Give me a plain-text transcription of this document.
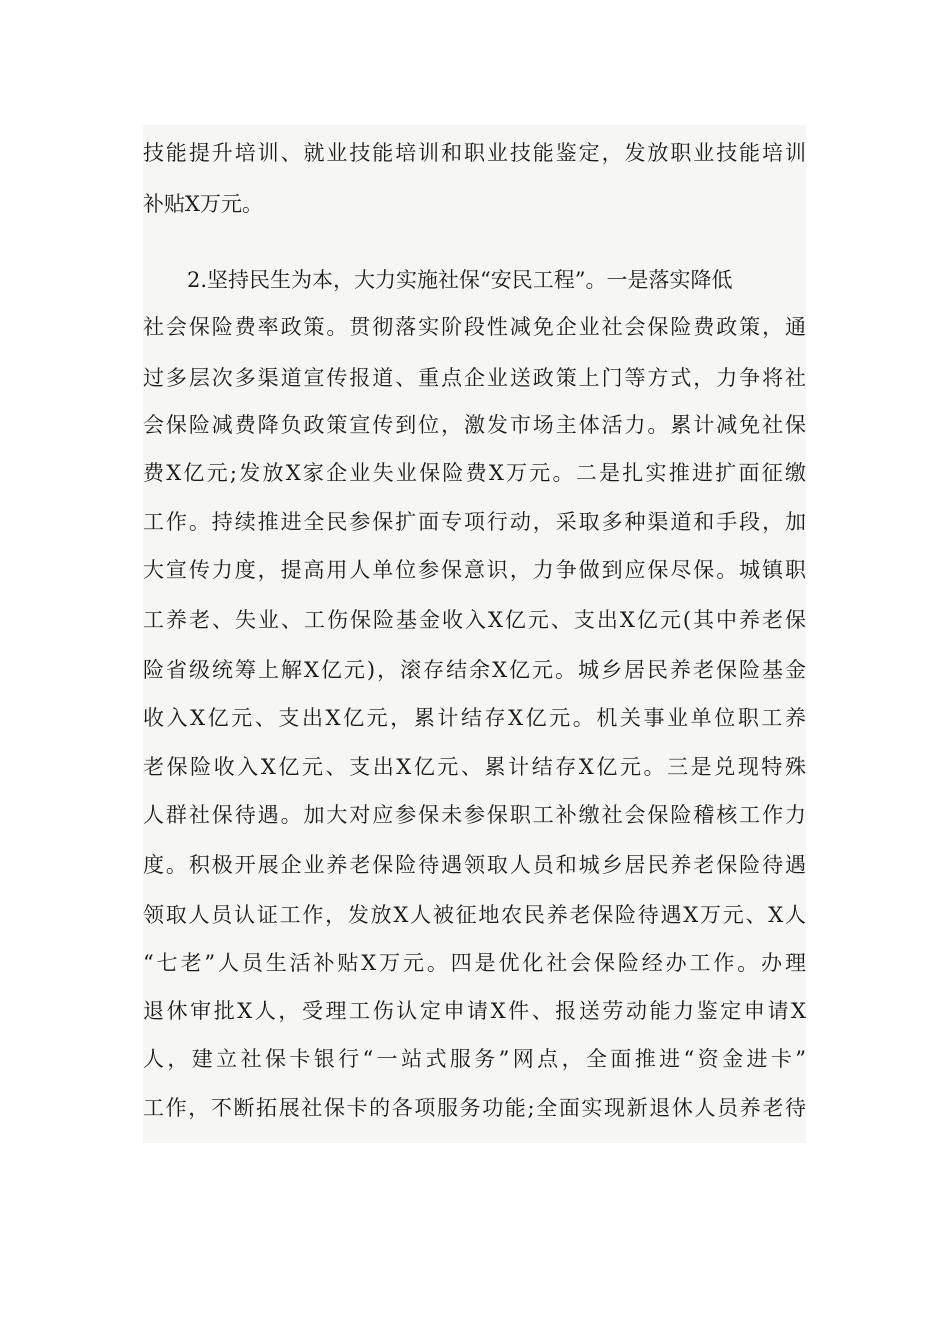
技能提升培训、就业技能培训和职业技能鉴定，发放职业技能培训
补贴X万元。
2.坚持民生为本，大力实施社保“安民工程”。一是落实降低
社会保险费率政策。贯彻落实阶段性减免企业社会保险费政策，通
过多层次多渠道宣传报道、重点企业送政策上门等方式，力争将社
会保险减费降负政策宣传到位，激发市场主体活力。累计减免社保
费X亿元;发放X家企业失业保险费X万元。二是扎实推进扩面征缴
工作。持续推进全民参保扩面专项行动，采取多种渠道和手段，加
大宣传力度，提高用人单位参保意识，力争做到应保尽保。城镇职
工养老、失业、工伤保险基金收入X亿元、支出X亿元(其中养老保
险省级统筹上解X亿元)，滚存结余X亿元。城乡居民养老保险基金
收入X亿元、支出X亿元，累计结存X亿元。机关事业单位职工养
老保险收入X亿元、支出X亿元、累计结存X亿元。三是兑现特殊
人群社保待遇。加大对应参保未参保职工补缴社会保险稽核工作力
度。积极开展企业养老保险待遇领取人员和城乡居民养老保险待遇
领取人员认证工作，发放X人被征地农民养老保险待遇X万元、X人
“七老”人员生活补贴X万元。四是优化社会保险经办工作。办理
退休审批X人，受理工伤认定申请X件、报送劳动能力鉴定申请X
人，建立社保卡银行“一站式服务”网点，全面推进“资金进卡”
工作，不断拓展社保卡的各项服务功能;全面实现新退休人员养老待
